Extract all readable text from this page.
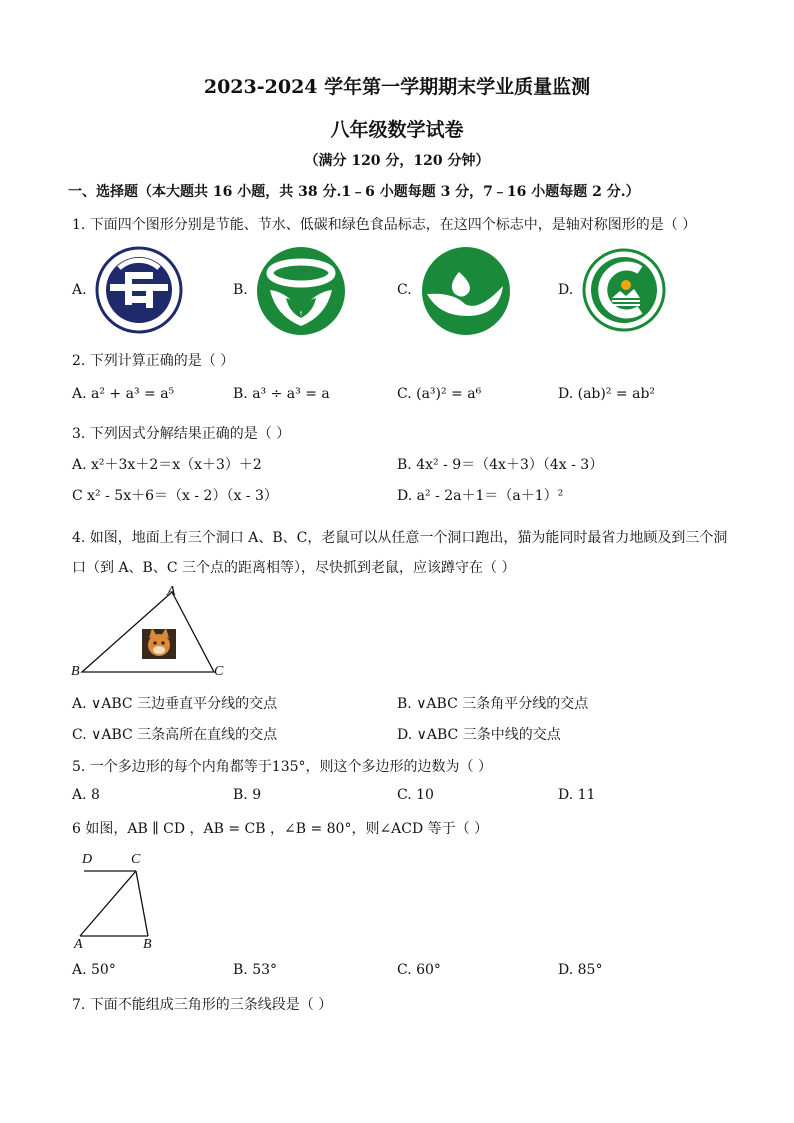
2023-2024 学年第一学期期末学业质量监测
八年级数学试卷
（满分 120 分，120 分钟）
一、选择题（本大题共 16 小题，共 38 分.1﹣6 小题每题 3 分，7﹣16 小题每题 2 分.）
1. 下面四个图形分别是节能、节水、低碳和绿色食品标志，在这四个标志中，是轴对称图形的是（ ）
A.	B.	C.	D.
2. 下列计算正确的是（ ）
A. a² + a³ = a⁵	B. a³ ÷ a³ = a	C. (a³)² = a⁶	D. (ab)² = ab²
3. 下列因式分解结果正确的是（ ）
A. x²＋3x＋2＝x（x＋3）＋2	B. 4x² - 9＝（4x＋3）（4x - 3）
C x² - 5x＋6＝（x - 2）（x - 3）	D. a² - 2a＋1＝（a＋1）²
4. 如图，地面上有三个洞口 A、B、C，老鼠可以从任意一个洞口跑出，猫为能同时最省力地顾及到三个洞
口（到 A、B、C 三个点的距离相等），尽快抓到老鼠，应该蹲守在（ ）
A
B	C
A. ∨ABC 三边垂直平分线的交点	B. ∨ABC 三条角平分线的交点
C. ∨ABC 三条高所在直线的交点	D. ∨ABC 三条中线的交点
5. 一个多边形的每个内角都等于135°，则这个多边形的边数为（ ）
A. 8	B. 9	C. 10	D. 11
6 如图，AB ∥ CD ，AB = CB ，∠B = 80°，则∠ACD 等于（ ）
D	C
A	B
A. 50°	B. 53°	C. 60°	D. 85°
7. 下面不能组成三角形的三条线段是（ ）
